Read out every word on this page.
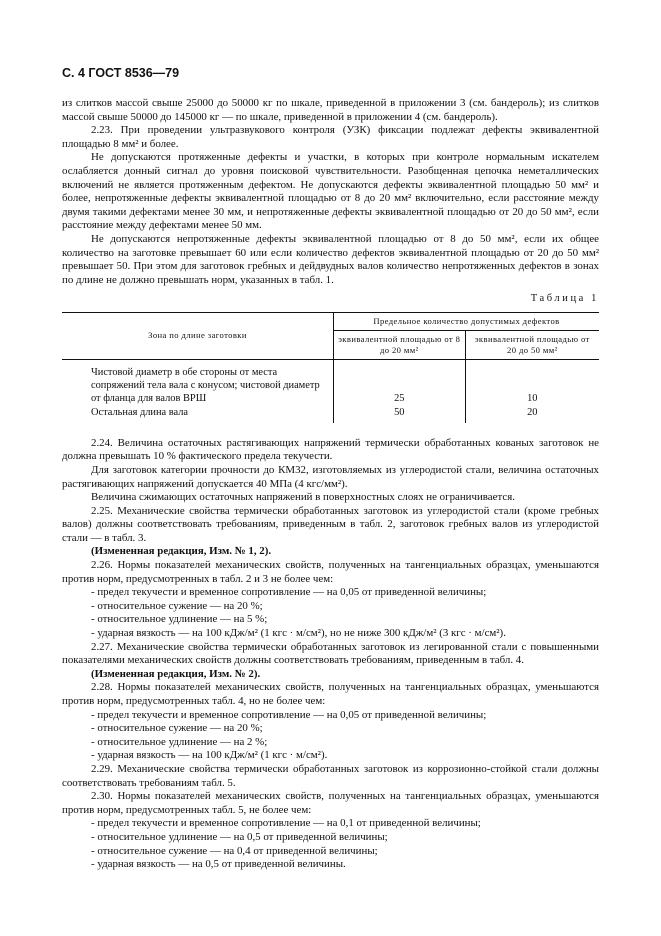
С. 4 ГОСТ 8536—79

из слитков массой свыше 25000 до 50000 кг по шкале, приведенной в приложении 3 (см. бандероль); из слитков массой свыше 50000 до 145000 кг — по шкале, приведенной в приложении 4 (см. бандероль).

2.23. При проведении ультразвукового контроля (УЗК) фиксации подлежат дефекты эквивалентной площадью 8 мм² и более.

Не допускаются протяженные дефекты и участки, в которых при контроле нормальным искателем ослабляется донный сигнал до уровня поисковой чувствительности. Разобщенная цепочка неметаллических включений не является протяженным дефектом. Не допускаются дефекты эквивалентной площадью 50 мм² и более, непротяженные дефекты эквивалентной площадью от 8 до 20 мм² включительно, если расстояние между двумя такими дефектами менее 30 мм, и непротяженные дефекты эквивалентной площадью от 20 до 50 мм², если расстояние между дефектами менее 50 мм.

Не допускаются непротяженные дефекты эквивалентной площадью от 8 до 50 мм², если их общее количество на заготовке превышает 60 или если количество дефектов эквивалентной площадью от 20 до 50 мм² превышает 50. При этом для заготовок гребных и дейдвудных валов количество непротяженных дефектов в зонах по длине не должно превышать норм, указанных в табл. 1.

Таблица 1
Зона по длине заготовки	Предельное количество допустимых дефектов	
	эквивалентной площадью от 8 до 20 мм²	эквивалентной площадью от 20 до 50 мм²

Чистовой диаметр в обе стороны от места сопряжений тела вала с конусом; чистовой диаметр от фланца для валов ВРШ	25	10

Остальная длина вала	50	20

2.24. Величина остаточных растягивающих напряжений термически обработанных кованых заготовок не должна превышать 10 % фактического предела текучести.

Для заготовок категории прочности до КМ32, изготовляемых из углеродистой стали, величина остаточных растягивающих напряжений допускается 40 МПа (4 кгс/мм²).

Величина сжимающих остаточных напряжений в поверхностных слоях не ограничивается.

2.25. Механические свойства термически обработанных заготовок из углеродистой стали (кроме гребных валов) должны соответствовать требованиям, приведенным в табл. 2, заготовок гребных валов из углеродистой стали — в табл. 3.

(Измененная редакция, Изм. № 1, 2).

2.26. Нормы показателей механических свойств, полученных на тангенциальных образцах, уменьшаются против норм, предусмотренных в табл. 2 и 3 не более чем:

- предел текучести и временное сопротивление — на 0,05 от приведенной величины;

- относительное сужение — на 20 %;

- относительное удлинение — на 5 %;

- ударная вязкость — на 100 кДж/м² (1 кгс · м/см²), но не ниже 300 кДж/м² (3 кгс · м/см²).

2.27. Механические свойства термически обработанных заготовок из легированной стали с повышенными показателями механических свойств должны соответствовать требованиям, приведенным в табл. 4.

(Измененная редакция, Изм. № 2).

2.28. Нормы показателей механических свойств, полученных на тангенциальных образцах, уменьшаются против норм, предусмотренных табл. 4, но не более чем:

- предел текучести и временное сопротивление — на 0,05 от приведенной величины;

- относительное сужение — на 20 %;

- относительное удлинение — на 2 %;

- ударная вязкость — на 100 кДж/м² (1 кгс · м/см²).

2.29. Механические свойства термически обработанных заготовок из коррозионно-стойкой стали должны соответствовать требованиям табл. 5.

2.30. Нормы показателей механических свойств, полученных на тангенциальных образцах, уменьшаются против норм, предусмотренных табл. 5, не более чем:

- предел текучести и временное сопротивление — на 0,1 от приведенной величины;

- относительное удлинение — на 0,5 от приведенной величины;

- относительное сужение — на 0,4 от приведенной величины;

- ударная вязкость — на 0,5 от приведенной величины.
